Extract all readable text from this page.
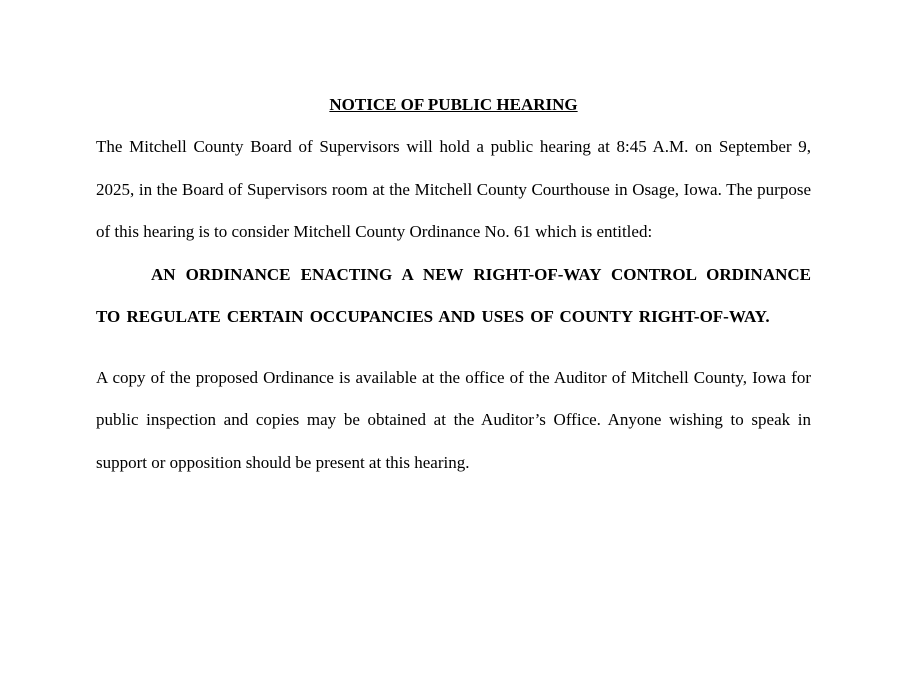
NOTICE OF PUBLIC HEARING

The Mitchell County Board of Supervisors will hold a public hearing at 8:45 A.M. on September 9, 2025, in the Board of Supervisors room at the Mitchell County Courthouse in Osage, Iowa. The purpose of this hearing is to consider Mitchell County Ordinance No. 61 which is entitled:

AN ORDINANCE ENACTING A NEW RIGHT-OF-WAY CONTROL ORDINANCE TO REGULATE CERTAIN OCCUPANCIES AND USES OF COUNTY RIGHT-OF-WAY.

A copy of the proposed Ordinance is available at the office of the Auditor of Mitchell County, Iowa for public inspection and copies may be obtained at the Auditor’s Office. Anyone wishing to speak in support or opposition should be present at this hearing.
